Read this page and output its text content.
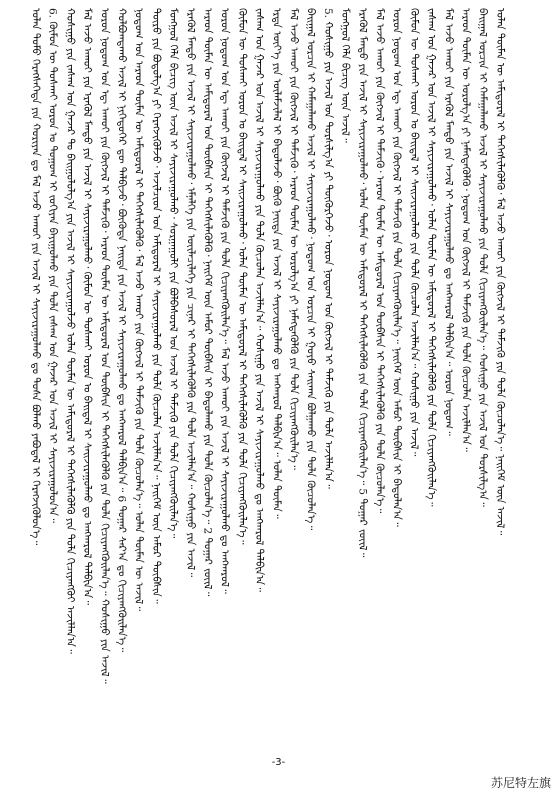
ᠤᠯᠠᠨ ᠲᠤᠮᠤ ᠬᠡᠷᠡᠭᠰᠡᠭᠡᠳᠡ ᠶᠢᠨ ᠬᠣᠷᠢᠶᠠᠨ ᠳᠤ ᠮᠠᠯ ᠠᠵᠤ ᠠᠬᠤᠢ ᠶᠢᠨ ᠠᠵᠢᠯ ᠢ ᠰᠠᠶᠢᠵᠢᠷᠠᠭᠤᠯᠬᠤ ᠳᠤ ᠲᠤᠰᠠ ᠪᠣᠯᠬᠤ ᠶᠠᠪᠤᠳᠠᠯ ᠢ ᠬᠡᠷᠡᠭᠵᠢᠭᠦᠯᠦᠨ᠎ᠡ᠃ 6. ᠬᠦᠮᠦᠨ ᠦ ᠲᠤᠰᠬᠠᠢ ᠣᠷᠣᠨ ᠤ ᠲᠤᠭᠤᠭ ᠢ ᠵᠣᠬᠢᠶᠠᠨ ᠪᠠᠶᠢᠭᠤᠯᠬᠤ ᠶᠢᠨ ᠲᠤᠯᠠ ᠵᠠᠰᠠᠭ ᠤᠨ ᠭᠠᠵᠠᠷ ᠤᠨ ᠠᠵᠢᠯ ᠢ ᠰᠠᠶᠢᠵᠢᠷᠠᠭᠤᠯᠤᠨ᠎ᠠ᠃ ᠬᠣᠰᠢᠭᠤ ᠶᠢᠨ ᠵᠠᠰᠠᠭ ᠤᠨ ᠭᠠᠵᠠᠷ ᠲᠤ ᠪᠠᠢᠭᠤᠯᠤᠯᠭ᠎ᠠ ᠶᠢᠨ ᠠᠵᠢᠯ ᠢ ᠰᠠᠶᠢᠵᠢᠷᠠᠭᠤᠯᠵᠤ ᠣᠯᠠᠨ ᠲᠦᠮᠡᠨ ᠦ ᠠᠮᠢᠳᠤᠷᠠᠯ ᠢ ᠳᠡᠭᠡᠭᠰᠢᠯᠡᠭᠦᠯᠬᠦ ᠶᠢᠨ ᠲᠤᠯᠠ ᠬᠢᠴᠢᠶᠡᠩᠭᠦᠢ ᠠᠵᠢᠯᠯᠠᠨ᠎ᠠ᠃ ᠮᠠᠯ ᠠᠵᠤ ᠠᠬᠤᠢ ᠶᠢᠨ ᠡᠷᠡᠭᠦᠯ ᠮᠡᠨᠳᠦ ᠶᠢᠨ ᠠᠵᠢᠯ ᠢ ᠰᠠᠶᠢᠵᠢᠷᠠᠭᠤᠯᠬᠤ᠂ ᠬᠦᠮᠦᠨ ᠦ ᠲᠤᠰᠬᠠᠢ ᠣᠷᠣᠨ ᠤ ᠪᠠᠢᠳᠠᠯ ᠢ ᠰᠠᠢᠵᠢᠷᠠᠭᠤᠯᠬᠤ ᠳᠤ ᠠᠩᠬᠠᠷᠤᠯ ᠲᠠᠯᠪᠢᠨ᠎ᠠ᠃ ᠣᠷᠣᠨ ᠨᠤᠲᠤᠭ ᠤᠨ ᠡᠳ᠋ ᠠᠬᠤᠢ ᠶᠢᠨ ᠬᠥᠭᠵᠢᠯ ᠢ ᠳᠡᠮᠵᠢᠬᠦ᠂ ᠠᠷᠠᠳ ᠲᠦᠮᠡᠨ ᠦ ᠠᠮᠢᠳᠤᠷᠠᠯ ᠤᠨ ᠲᠥᠪᠰᠢᠨ ᠢ ᠳᠡᠭᠡᠭᠰᠢᠯᠡᠭᠦᠯᠬᠦ ᠶᠢᠨ ᠲᠤᠯᠠ ᠬᠢᠴᠢᠶᠡᠩᠭᠦᠢᠯᠡᠨ᠎ᠡ᠃ ᠬᠣᠰᠢᠭᠤ ᠶᠢᠨ ᠠᠵᠢᠯ᠃ ᠬᠣᠯᠪᠣᠭᠳᠠᠬᠤ ᠠᠵᠢᠯ ᠢ ᠨᠢᠭᠡᠳᠦᠭᠡᠷ ᠳᠦ ᠲᠠᠯᠪᠢᠵᠤ᠂ ᠪᠦᠭᠦᠳᠡ ᠨᠡᠢᠲᠡ ᠶᠢᠨ ᠠᠵᠢᠯ ᠢ ᠰᠠᠶᠢᠵᠢᠷᠠᠭᠤᠯᠬᠤ ᠳᠤ ᠠᠩᠬᠠᠷᠤᠯ ᠲᠠᠯᠪᠢᠨ᠎ᠠ᠃ 6 ᠳᠤᠭᠠᠷ ᠰᠠᠷ᠎ᠠ ᠳᠤ ᠬᠢᠴᠢᠶᠡᠩᠭᠦᠢᠯᠡᠨ᠎ᠡ᠃ ᠨᠤᠲᠤᠭ ᠤᠨ ᠠᠷᠠᠳ ᠲᠦᠮᠡᠨ ᠦ ᠠᠮᠢᠳᠤᠷᠠᠯ ᠢ ᠳᠡᠭᠡᠭᠰᠢᠯᠡᠭᠦᠯᠬᠦ᠂ ᠮᠠᠯ ᠠᠵᠤ ᠠᠬᠤᠢ ᠶᠢᠨ ᠬᠥᠭᠵᠢᠯ ᠢ ᠳᠡᠮᠵᠢᠬᠦ ᠶᠢᠨ ᠲᠤᠯᠠ ᠬᠦᠴᠦᠯᠡᠨ᠎ᠡ᠃ ᠣᠯᠠᠨ ᠲᠦᠮᠡᠨ ᠦ ᠠᠵᠢᠯ᠃ ᠲᠥᠷᠦ ᠶᠢᠨ ᠪᠣᠳᠣᠯᠭ᠎ᠠ ᠶᠢ ᠬᠡᠷᠡᠭᠵᠢᠭᠦᠯᠵᠦ᠂ ᠠᠵᠢᠯᠴᠢᠳ ᠤᠨ ᠠᠮᠢᠳᠤᠷᠠᠯ ᠢ ᠰᠠᠶᠢᠵᠢᠷᠠᠭᠤᠯᠬᠤ ᠶᠢᠨ ᠲᠤᠯᠠ ᠬᠦᠴᠦᠯᠡᠨ ᠠᠵᠢᠯᠯᠠᠨ᠎ᠠ᠃ ᠨᠡᠢᠭᠡᠮ ᠦᠨ ᠠᠮᠤᠷ ᠲᠦᠪᠰᠢᠨ᠃ ᠮᠣᠩᠭᠣᠯ ᠬᠡᠯᠡ ᠪᠢᠴᠢᠭ ᠦᠨ ᠠᠵᠢᠯ ᠢ ᠰᠠᠶᠢᠵᠢᠷᠠᠭᠤᠯᠬᠤ᠂ ᠰᠤᠷᠭᠠᠭᠤᠯᠢ ᠶᠢᠨ ᠪᠣᠯᠪᠠᠰᠤᠷᠠᠯ ᠤᠨ ᠠᠵᠢᠯ ᠢ ᠳᠡᠮᠵᠢᠬᠦ ᠶᠢᠨ ᠲᠤᠯᠠ ᠬᠢᠴᠢᠶᠡᠩᠭᠦᠢᠯᠡᠨ᠎ᠡ᠃ ᠡᠷᠡᠭᠦᠯ ᠮᠡᠨᠳᠦ ᠶᠢᠨ ᠠᠵᠢᠯ ᠢ ᠰᠠᠶᠢᠵᠢᠷᠠᠭᠤᠯᠬᠤ᠂ ᠡᠮᠨᠡᠯᠭᠡ ᠶᠢᠨ ᠦᠢᠯᠡᠴᠢᠯᠡᠭᠡ ᠶᠢᠨ ᠴᠢᠨᠠᠷ ᠢ ᠳᠡᠭᠡᠭᠰᠢᠯᠡᠭᠦᠯᠬᠦ ᠶᠢᠨ ᠲᠤᠯᠠ ᠠᠵᠢᠯᠯᠠᠨ᠎ᠠ᠃ ᠬᠣᠰᠢᠭᠤ ᠶᠢᠨ ᠠᠵᠢᠯ᠃ ᠠᠷᠠᠳ ᠲᠦᠮᠡᠨ ᠦ ᠠᠮᠢᠳᠤᠷᠠᠯ ᠤᠨ ᠲᠥᠪᠰᠢᠨ ᠢ ᠳᠡᠭᠡᠭᠰᠢᠯᠡᠭᠦᠯᠬᠦ᠂ ᠨᠡᠢᠭᠡᠮ ᠦᠨ ᠠᠮᠤᠷ ᠲᠦᠪᠰᠢᠨ ᠢ ᠪᠠᠲᠤᠯᠠᠬᠤ ᠶᠢᠨ ᠲᠤᠯᠠ ᠬᠦᠴᠦᠯᠡᠨ᠎ᠡ᠃ 2 ᠳᠤᠭᠠᠷ ᠵᠦᠢᠯ᠃ ᠣᠷᠣᠨ ᠨᠤᠲᠤᠭ ᠤᠨ ᠡᠳ᠋ ᠠᠬᠤᠢ ᠶᠢᠨ ᠬᠥᠭᠵᠢᠯ ᠢ ᠳᠡᠮᠵᠢᠬᠦ ᠶᠢᠨ ᠲᠤᠯᠠ ᠬᠢᠴᠢᠶᠡᠩᠭᠦᠢᠯᠡᠨ᠎ᠡ᠃ ᠮᠠᠯ ᠠᠵᠤ ᠠᠬᠤᠢ ᠶᠢᠨ ᠠᠵᠢᠯ ᠢ ᠰᠠᠶᠢᠵᠢᠷᠠᠭᠤᠯᠬᠤ ᠳᠤ ᠠᠩᠬᠠᠷᠤᠯ᠃ ᠬᠦᠮᠦᠨ ᠦ ᠲᠤᠰᠬᠠᠢ ᠣᠷᠣᠨ ᠤ ᠪᠠᠢᠳᠠᠯ ᠢ ᠰᠠᠢᠵᠢᠷᠠᠭᠤᠯᠬᠤ᠂ ᠣᠯᠠᠨ ᠲᠦᠮᠡᠨ ᠦ ᠠᠮᠢᠳᠤᠷᠠᠯ ᠢ ᠳᠡᠭᠡᠭᠰᠢᠯᠡᠭᠦᠯᠬᠦ ᠶᠢᠨ ᠲᠤᠯᠠ ᠬᠢᠴᠢᠶᠡᠩᠭᠦᠢᠯᠡᠨ᠎ᠡ᠃ ᠵᠠᠰᠠᠭ ᠤᠨ ᠭᠠᠵᠠᠷ ᠤᠨ ᠠᠵᠢᠯ ᠢ ᠰᠠᠶᠢᠵᠢᠷᠠᠭᠤᠯᠬᠤ ᠶᠢᠨ ᠲᠤᠯᠠ ᠬᠦᠴᠦᠯᠡᠨ ᠠᠵᠢᠯᠯᠠᠨ᠎ᠠ᠃ ᠬᠣᠰᠢᠭᠤ ᠶᠢᠨ ᠠᠵᠢᠯ ᠢ ᠰᠠᠶᠢᠵᠢᠷᠠᠭᠤᠯᠬᠤ ᠳᠤ ᠠᠩᠬᠠᠷᠤᠯ ᠲᠠᠯᠪᠢᠨ᠎ᠠ᠃ ᠡᠷᠲᠡ ᠦᠶ᠎ᠡ ᠶᠢᠨ ᠦᠯᠡᠮᠵᠢᠯᠡᠯ ᠢ ᠪᠠᠲᠤᠯᠠᠵᠤ᠂ ᠪᠦᠬᠦ ᠨᠡᠢᠲᠡ ᠶᠢᠨ ᠠᠵᠢᠯ ᠢ ᠰᠠᠶᠢᠵᠢᠷᠠᠭᠤᠯᠬᠤ ᠳᠤ ᠠᠩᠬᠠᠷᠤᠯ ᠲᠠᠯᠪᠢᠨ᠎ᠠ᠃ ᠣᠯᠠᠨ ᠲᠦᠮᠡᠨ᠃ ᠮᠠᠯ ᠠᠵᠤ ᠠᠬᠤᠢ ᠶᠢᠨ ᠬᠥᠭᠵᠢᠯ ᠢ ᠳᠡᠮᠵᠢᠬᠦ᠂ ᠠᠷᠠᠳ ᠲᠦᠮᠡᠨ ᠦ ᠣᠷᠣᠯᠭ᠎ᠠ ᠶᠢ ᠨᠡᠮᠡᠭᠳᠡᠭᠦᠯᠬᠦ ᠶᠢᠨ ᠲᠤᠯᠠ ᠬᠢᠴᠢᠶᠡᠩᠭᠦᠢᠯᠡᠨ᠎ᠡ᠃ ᠪᠠᠢᠭᠠᠯ ᠣᠷᠴᠢᠨ ᠢ ᠬᠠᠮᠠᠭᠠᠯᠠᠬᠤ ᠠᠵᠢᠯ ᠢ ᠰᠠᠶᠢᠵᠢᠷᠠᠭᠤᠯᠬᠤ᠂ ᠨᠤᠲᠤᠭ ᠤᠨ ᠣᠷᠴᠢᠨ ᠢ ᠭᠣᠶᠣ ᠰᠠᠢᠬᠠᠨ ᠪᠣᠯᠭᠠᠬᠤ ᠶᠢᠨ ᠲᠤᠯᠠ ᠬᠦᠴᠦᠯᠡᠨ᠎ᠡ᠃ 5. ᠬᠣᠰᠢᠭᠤ ᠶᠢᠨ ᠠᠵᠢᠯ ᠤᠨ ᠲᠤᠷᠰᠢᠯᠭ᠎ᠠ ᠶᠢ ᠳᠦᠭᠦᠷᠭᠡᠵᠦ᠂ ᠣᠷᠣᠨ ᠨᠤᠲᠤᠭ ᠤᠨ ᠬᠥᠭᠵᠢᠯ ᠢ ᠳᠡᠮᠵᠢᠬᠦ ᠶᠢᠨ ᠲᠤᠯᠠ ᠠᠵᠢᠯᠯᠠᠨ᠎ᠠ᠃ ᠮᠣᠩᠭᠣᠯ ᠬᠡᠯᠡ ᠪᠢᠴᠢᠭ ᠦᠨ ᠠᠵᠢᠯ᠃ ᠡᠷᠡᠭᠦᠯ ᠮᠡᠨᠳᠦ ᠶᠢᠨ ᠠᠵᠢᠯ ᠢ ᠰᠠᠶᠢᠵᠢᠷᠠᠭᠤᠯᠬᠤ᠂ ᠣᠯᠠᠨ ᠲᠦᠮᠡᠨ ᠦ ᠠᠮᠢᠳᠤᠷᠠᠯ ᠢ ᠳᠡᠭᠡᠭᠰᠢᠯᠡᠭᠦᠯᠬᠦ ᠶᠢᠨ ᠲᠤᠯᠠ ᠬᠢᠴᠢᠶᠡᠩᠭᠦᠢᠯᠡᠨ᠎ᠡ᠃ 5 ᠳᠤᠭᠠᠷ ᠵᠦᠢᠯ᠃ ᠮᠠᠯ ᠠᠵᠤ ᠠᠬᠤᠢ ᠶᠢᠨ ᠬᠥᠭᠵᠢᠯ ᠢ ᠳᠡᠮᠵᠢᠬᠦ᠂ ᠠᠷᠠᠳ ᠲᠦᠮᠡᠨ ᠦ ᠠᠮᠢᠳᠤᠷᠠᠯ ᠤᠨ ᠲᠥᠪᠰᠢᠨ ᠢ ᠳᠡᠭᠡᠭᠰᠢᠯᠡᠭᠦᠯᠬᠦ ᠶᠢᠨ ᠲᠤᠯᠠ ᠬᠦᠴᠦᠯᠡᠨ᠎ᠡ᠃ ᠣᠷᠣᠨ ᠨᠤᠲᠤᠭ ᠤᠨ ᠡᠳ᠋ ᠠᠬᠤᠢ ᠶᠢᠨ ᠬᠥᠭᠵᠢᠯ ᠢ ᠳᠡᠮᠵᠢᠬᠦ ᠶᠢᠨ ᠲᠤᠯᠠ ᠬᠢᠴᠢᠶᠡᠩᠭᠦᠢᠯᠡᠨ᠎ᠡ᠃ ᠨᠡᠢᠭᠡᠮ ᠦᠨ ᠠᠮᠤᠷ ᠲᠦᠪᠰᠢᠨ ᠢ ᠪᠠᠲᠤᠯᠠᠨ᠎ᠠ᠃ ᠬᠦᠮᠦᠨ ᠦ ᠲᠤᠰᠬᠠᠢ ᠣᠷᠣᠨ ᠤ ᠪᠠᠢᠳᠠᠯ ᠢ ᠰᠠᠢᠵᠢᠷᠠᠭᠤᠯᠬᠤ ᠶᠢᠨ ᠲᠤᠯᠠ ᠬᠦᠴᠦᠯᠡᠨ ᠠᠵᠢᠯᠯᠠᠨ᠎ᠠ᠃ ᠬᠣᠰᠢᠭᠤ ᠶᠢᠨ ᠠᠵᠢᠯ᠃ ᠵᠠᠰᠠᠭ ᠤᠨ ᠭᠠᠵᠠᠷ ᠤᠨ ᠠᠵᠢᠯ ᠢ ᠰᠠᠶᠢᠵᠢᠷᠠᠭᠤᠯᠬᠤ᠂ ᠣᠯᠠᠨ ᠲᠦᠮᠡᠨ ᠦ ᠠᠮᠢᠳᠤᠷᠠᠯ ᠢ ᠳᠡᠭᠡᠭᠰᠢᠯᠡᠭᠦᠯᠬᠦ ᠶᠢᠨ ᠲᠤᠯᠠ ᠬᠢᠴᠢᠶᠡᠩᠭᠦᠢᠯᠡᠨ᠎ᠡ᠃ ᠮᠠᠯ ᠠᠵᠤ ᠠᠬᠤᠢ ᠶᠢᠨ ᠡᠷᠡᠭᠦᠯ ᠮᠡᠨᠳᠦ ᠶᠢᠨ ᠠᠵᠢᠯ ᠢ ᠰᠠᠶᠢᠵᠢᠷᠠᠭᠤᠯᠬᠤ ᠳᠤ ᠠᠩᠬᠠᠷᠤᠯ ᠲᠠᠯᠪᠢᠨ᠎ᠠ᠃ ᠣᠷᠣᠨ ᠨᠤᠲᠤᠭ᠃ ᠠᠷᠠᠳ ᠲᠦᠮᠡᠨ ᠦ ᠣᠷᠣᠯᠭ᠎ᠠ ᠶᠢ ᠨᠡᠮᠡᠭᠳᠡᠭᠦᠯᠬᠦ᠂ ᠨᠤᠲᠤᠭ ᠤᠨ ᠬᠥᠭᠵᠢᠯ ᠢ ᠳᠡᠮᠵᠢᠬᠦ ᠶᠢᠨ ᠲᠤᠯᠠ ᠬᠦᠴᠦᠯᠡᠨ ᠠᠵᠢᠯᠯᠠᠨ᠎ᠠ᠃ ᠪᠠᠢᠭᠠᠯ ᠣᠷᠴᠢᠨ ᠢ ᠬᠠᠮᠠᠭᠠᠯᠠᠬᠤ ᠠᠵᠢᠯ ᠢ ᠰᠠᠶᠢᠵᠢᠷᠠᠭᠤᠯᠬᠤ ᠶᠢᠨ ᠲᠤᠯᠠ ᠬᠢᠴᠢᠶᠡᠩᠭᠦᠢᠯᠡᠨ᠎ᠡ᠃ ᠬᠣᠰᠢᠭᠤ ᠶᠢᠨ ᠠᠵᠢᠯ ᠤᠨ ᠲᠤᠷᠰᠢᠯᠭ᠎ᠠ᠃ ᠣᠯᠠᠨ ᠲᠦᠮᠡᠨ ᠦ ᠠᠮᠢᠳᠤᠷᠠᠯ ᠢ ᠳᠡᠭᠡᠭᠰᠢᠯᠡᠭᠦᠯᠬᠦ᠂ ᠮᠠᠯ ᠠᠵᠤ ᠠᠬᠤᠢ ᠶᠢᠨ ᠬᠥᠭᠵᠢᠯ ᠢ ᠳᠡᠮᠵᠢᠬᠦ ᠶᠢᠨ ᠲᠤᠯᠠ ᠬᠦᠴᠦᠯᠡᠨ᠎ᠡ᠃ ᠨᠡᠢᠭᠡᠮ ᠦᠨ ᠠᠵᠢᠯ᠃
-3-
苏尼特左旗
